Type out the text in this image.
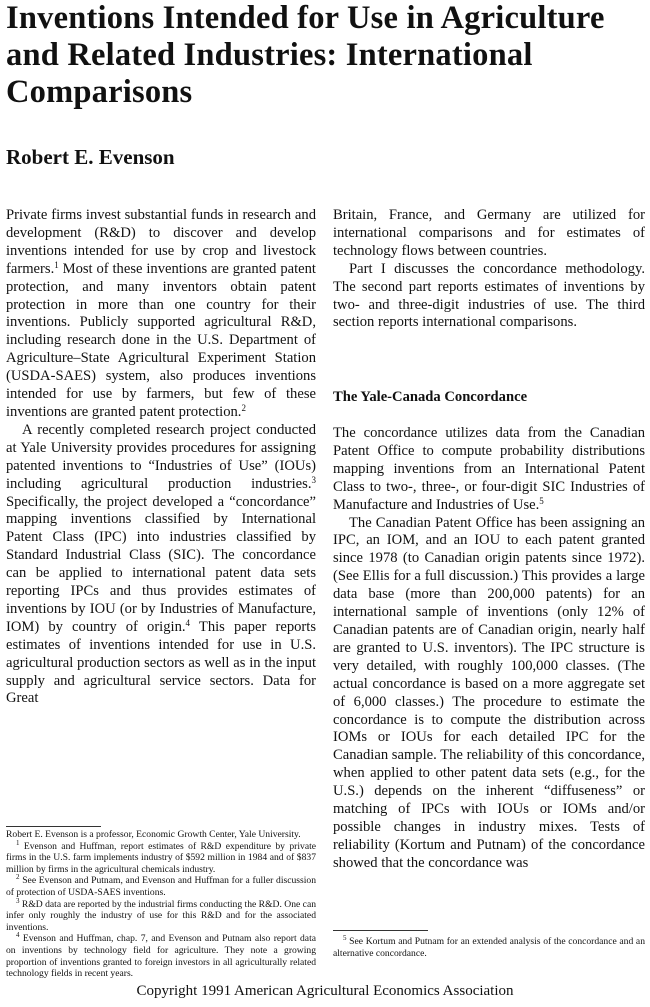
Inventions Intended for Use in Agriculture and Related Industries: International Comparisons
Robert E. Evenson

Private firms invest substantial funds in research and development (R&D) to discover and develop inventions intended for use by crop and livestock farmers.$^1$ Most of these inventions are granted patent protection, and many inventors obtain patent protection in more than one country for their inventions. Publicly supported agricultural R&D, including research done in the U.S. Department of Agriculture–State Agricultural Experiment Station (USDA-SAES) system, also produces inventions intended for use by farmers, but few of these inventions are granted patent protection.$^2$

A recently completed research project conducted at Yale University provides procedures for assigning patented inventions to “Industries of Use” (IOUs) including agricultural production industries.$^3$ Specifically, the project developed a “concordance” mapping inventions classified by International Patent Class (IPC) into industries classified by Standard Industrial Class (SIC). The concordance can be applied to international patent data sets reporting IPCs and thus provides estimates of inventions by IOU (or by Industries of Manufacture, IOM) by country of origin.$^4$ This paper reports estimates of inventions intended for use in U.S. agricultural production sectors as well as in the input supply and agricultural service sectors. Data for Great

Britain, France, and Germany are utilized for international comparisons and for estimates of technology flows between countries.

Part I discusses the concordance methodology. The second part reports estimates of inventions by two- and three-digit industries of use. The third section reports international comparisons.

The Yale-Canada Concordance

The concordance utilizes data from the Canadian Patent Office to compute probability distributions mapping inventions from an International Patent Class to two-, three-, or four-digit SIC Industries of Manufacture and Industries of Use.$^5$

The Canadian Patent Office has been assigning an IPC, an IOM, and an IOU to each patent granted since 1978 (to Canadian origin patents since 1972). (See Ellis for a full discussion.) This provides a large data base (more than 200,000 patents) for an international sample of inventions (only 12% of Canadian patents are of Canadian origin, nearly half are granted to U.S. inventors). The IPC structure is very detailed, with roughly 100,000 classes. (The actual concordance is based on a more aggregate set of 6,000 classes.) The procedure to estimate the concordance is to compute the distribution across IOMs or IOUs for each detailed IPC for the Canadian sample. The reliability of this concordance, when applied to other patent data sets (e.g., for the U.S.) depends on the inherent “diffuseness” or matching of IPCs with IOUs or IOMs and/or possible changes in industry mixes. Tests of reliability (Kortum and Putnam) of the concordance showed that the concordance was

Robert E. Evenson is a professor, Economic Growth Center, Yale University.

$^1$ Evenson and Huffman, report estimates of R&D expenditure by private firms in the U.S. farm implements industry of $592 million in 1984 and of $837 million by firms in the agricultural chemicals industry.

$^2$ See Evenson and Putnam, and Evenson and Huffman for a fuller discussion of protection of USDA-SAES inventions.

$^3$ R&D data are reported by the industrial firms conducting the R&D. One can infer only roughly the industry of use for this R&D and for the associated inventions.

$^4$ Evenson and Huffman, chap. 7, and Evenson and Putnam also report data on inventions by technology field for agriculture. They note a growing proportion of inventions granted to foreign investors in all agriculturally related technology fields in recent years.

$^5$ See Kortum and Putnam for an extended analysis of the concordance and an alternative concordance.

Copyright 1991 American Agricultural Economics Association
